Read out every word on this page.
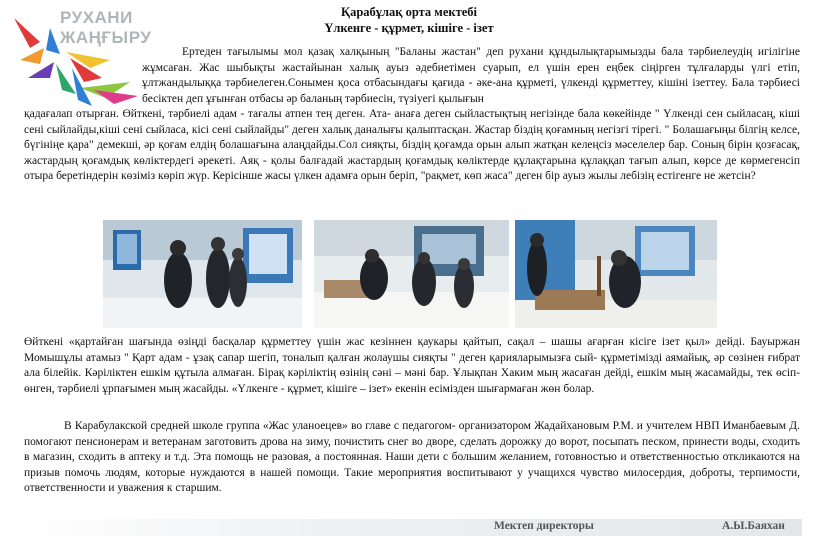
РУХАНИ
ЖАҢҒЫРУ
Қарабұлақ орта мектебі
Үлкенге - құрмет, кішіге - ізет

Ертеден тағылымы мол қазақ халқының "Баланы жастан" деп рухани құндылықтарымызды бала тәрбиелеудің игілігіне жұмсаған. Жас шыбықты жастайынан халық ауыз әдебиетімен суарып, ел үшін ерен еңбек сіңірген тұлғаларды үлгі етіп, ұлтжандылыққа тәрбиелеген.Сонымен қоса отбасындағы қағида - әке-ана құрметі, үлкенді құрметтеу, кішіні ізеттеу. Бала тәрбиесі бесіктен деп ұғынған отбасы әр баланың тәрбиесін, түзіуегі қылығын

қадағалап отырған. Өйткені, тәрбиелі адам - тағалы атпен тең деген. Ата- анаға деген сыйластықтың негізінде бала көкейінде " Үлкенді сен сыйласаң, кіші сені сыйлайды,кіші сені сыйласа, кісі сені сыйлайды" деген халық даналығы қалыптасқан. Жастар біздің қоғамның негізгі тірегі. " Болашағыңы білгің келсе, бүгініңе қара" демекші, әр қоғам елдің болашағына алаңдайды.Сол сияқты, біздің қоғамда орын алып жатқан келеңсіз мәселелер бар. Соның бірін қозғасақ, жастардың қоғамдық көліктердегі әрекеті. Аяқ - қолы балғадай жастардың қоғамдық көліктерде құлақтарына құлаққап тағып алып, көрсе де көрмегенсіп отыра беретіндерін көзіміз көріп жүр. Керісінше жасы үлкен адамға орын беріп, "рақмет, көп жаса" деген бір ауыз жылы лебізің естігенге не жетсін?

Өйткені «қартайған шағында өзіңді басқалар құрметтеу үшін жас кезіннен қаукары қайтып, сақал – шашы ағарған кісіге ізет қыл» дейді. Бауыржан Момышұлы атамыз " Қарт адам - ұзақ сапар шегіп, тоналып қалған жолаушы сияқты " деген қарияларымызға сый- құрметімізді аямайық, әр сөзінен ғибрат ала білейік. Кәріліктен ешкім құтыла алмаған. Бірақ кәріліктің өзінің сәні – мәні бар. Ұлықпан Хаким мың жасаған дейді, ешкім мың жасамайды, тек өсіп-өнген, тәрбиелі ұрпағымен мың жасайды. «Үлкенге - құрмет, кішіге – ізет» екенін есімізден шығармаған жөн болар.

В Карабулакской средней школе группа «Жас уланоецев» во главе с педагогом- организатором Жадайхановым Р.М. и учителем НВП Иманбаевым Д. помогают пенсионерам и ветеранам заготовить дрова на зиму, почистить снег во дворе, сделать дорожку до ворот, посыпать песком, принести воды, сходить в магазин, сходить в аптеку и т.д. Эта помощь не разовая, а постоянная. Наши дети с большим желанием, готовностью и ответственностью откликаются на призыв помочь людям, которые нуждаются в нашей помощи. Такие мероприятия воспитывают у учащихся чувство милосердия, доброты, терпимости, ответственности и уважения к старшим.

Мектеп директоры	А.Ы.Баяхан
